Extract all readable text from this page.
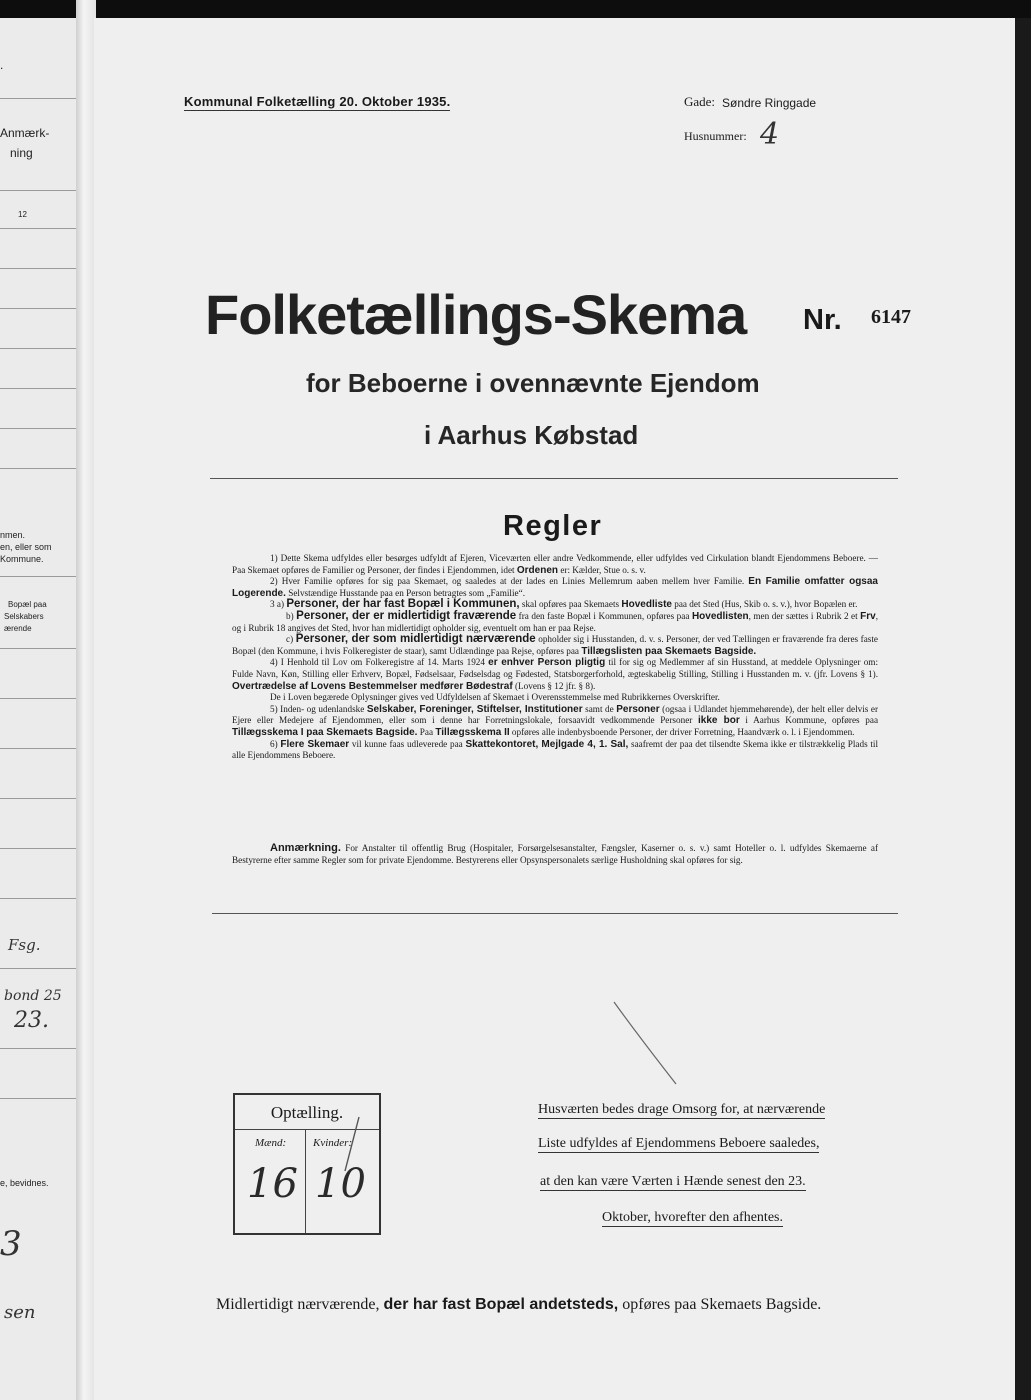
.
Anmærk-
ning
12
nmen.
en, eller som
Kommune.
Bopæl paa
Selskabers
ærende
Fsg.
bond 25
23.
e, bevidnes.
3
sen
Kommunal Folketælling 20. Oktober 1935.	Gade: Søndre Ringgade
Husnummer: 4
Folketællings-Skema Nr. 6147
for Beboerne i ovennævnte Ejendom
i Aarhus Købstad
Regler

1) Dette Skema udfyldes eller besørges udfyldt af Ejeren, Viceværten eller andre Vedkommende, eller udfyldes ved Cirkulation blandt Ejendommens Beboere. — Paa Skemaet opføres de Familier og Personer, der findes i Ejendommen, idet Ordenen er: Kælder, Stue o. s. v.

2) Hver Familie opføres for sig paa Skemaet, og saaledes at der lades en Linies Mellemrum aaben mellem hver Familie. En Familie omfatter ogsaa Logerende. Selvstændige Husstande paa en Person betragtes som „Familie“.

3 a) Personer, der har fast Bopæl i Kommunen, skal opføres paa Skemaets Hovedliste paa det Sted (Hus, Skib o. s. v.), hvor Bopælen er.

b) Personer, der er midlertidigt fraværende fra den faste Bopæl i Kommunen, opføres paa Hovedlisten, men der sættes i Rubrik 2 et Frv, og i Rubrik 18 angives det Sted, hvor han midlertidigt opholder sig, eventuelt om han er paa Rejse.

c) Personer, der som midlertidigt nærværende opholder sig i Husstanden, d. v. s. Personer, der ved Tællingen er fraværende fra deres faste Bopæl (den Kommune, i hvis Folkeregister de staar), samt Udlændinge paa Rejse, opføres paa Tillægslisten paa Skemaets Bagside.

4) I Henhold til Lov om Folkeregistre af 14. Marts 1924 er enhver Person pligtig til for sig og Medlemmer af sin Husstand, at meddele Oplysninger om: Fulde Navn, Køn, Stilling eller Erhverv, Bopæl, Fødselsaar, Fødselsdag og Fødested, Statsborgerforhold, ægteskabelig Stilling, Stilling i Husstanden m. v. (jfr. Lovens § 1). Overtrædelse af Lovens Bestemmelser medfører Bødestraf (Lovens § 12 jfr. § 8).

De i Loven begærede Oplysninger gives ved Udfyldelsen af Skemaet i Overensstemmelse med Rubrikkernes Overskrifter.

5) Inden- og udenlandske Selskaber, Foreninger, Stiftelser, Institutioner samt de Personer (ogsaa i Udlandet hjemmehørende), der helt eller delvis er Ejere eller Medejere af Ejendommen, eller som i denne har Forretningslokale, forsaavidt vedkommende Personer ikke bor i Aarhus Kommune, opføres paa Tillægsskema I paa Skemaets Bagside. Paa Tillægsskema II opføres alle indenbysboende Personer, der driver Forretning, Haandværk o. l. i Ejendommen.

6) Flere Skemaer vil kunne faas udleverede paa Skattekontoret, Mejlgade 4, 1. Sal, saafremt der paa det tilsendte Skema ikke er tilstrækkelig Plads til alle Ejendommens Beboere.

Anmærkning. For Anstalter til offentlig Brug (Hospitaler, Forsørgelsesanstalter, Fængsler, Kaserner o. s. v.) samt Hoteller o. l. udfyldes Skemaerne af Bestyrerne efter samme Regler som for private Ejendomme. Bestyrerens eller Opsynspersonalets særlige Husholdning skal opføres for sig.
Optælling.
Mænd: Kvinder:
16 10
Husværten bedes drage Omsorg for, at nærværende
Liste udfyldes af Ejendommens Beboere saaledes,
at den kan være Værten i Hænde senest den 23.
Oktober, hvorefter den afhentes.
Midlertidigt nærværende, der har fast Bopæl andetsteds, opføres paa Skemaets Bagside.
